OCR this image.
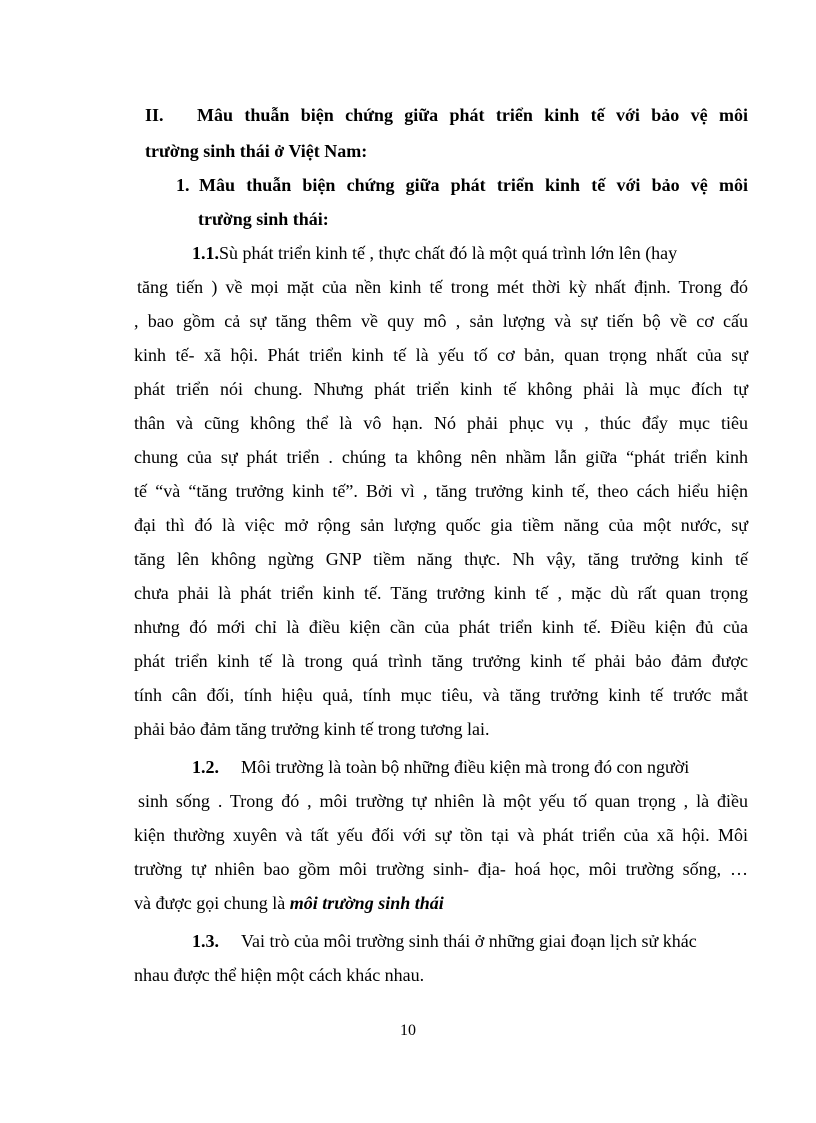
II. Mâu thuẫn biện chứng giữa phát triển kinh tế với bảo vệ môi
trường sinh thái ở Việt Nam:
1. Mâu thuẫn biện chứng giữa phát triển kinh tế với bảo vệ môi
trường sinh thái:
1.1.Sù phát triển kinh tế , thực chất đó là một quá trình lớn lên (hay
tăng tiến ) về mọi mặt của nền kinh tế trong mét thời kỳ nhất định. Trong đó
, bao gồm cả sự tăng thêm về quy mô , sản lượng và sự tiến bộ về cơ cấu
kinh tế- xã hội. Phát triển kinh tế là yếu tố cơ bản, quan trọng nhất của sự
phát triển nói chung. Nhưng phát triển kinh tế không phải là mục đích tự
thân và cũng không thể là vô hạn. Nó phải phục vụ , thúc đẩy mục tiêu
chung của sự phát triển . chúng ta không nên nhầm lẫn giữa “phát triển kinh
tế “và “tăng trưởng kinh tế”. Bởi vì , tăng trưởng kinh tế, theo cách hiểu hiện
đại thì đó là việc mở rộng sản lượng quốc gia tiềm năng của một nước, sự
tăng lên không ngừng GNP tiềm năng thực. Nh vậy, tăng trưởng kinh tế
chưa phải là phát triển kinh tế. Tăng trưởng kinh tế , mặc dù rất quan trọng
nhưng đó mới chỉ là điều kiện cần của phát triển kinh tế. Điều kiện đủ của
phát triển kinh tế là trong quá trình tăng trưởng kinh tế phải bảo đảm được
tính cân đối, tính hiệu quả, tính mục tiêu, và tăng trưởng kinh tế trước mắt
phải bảo đảm tăng trưởng kinh tế trong tương lai.
1.2. Môi trường là toàn bộ những điều kiện mà trong đó con người
sinh sống . Trong đó , môi trường tự nhiên là một yếu tố quan trọng , là điều
kiện thường xuyên và tất yếu đối với sự tồn tại và phát triển của xã hội. Môi
trường tự nhiên bao gồm môi trường sinh- địa- hoá học, môi trường sống, …
và được gọi chung là môi trường sinh thái
1.3. Vai trò của môi trường sinh thái ở những giai đoạn lịch sử khác
nhau được thể hiện một cách khác nhau.
10
